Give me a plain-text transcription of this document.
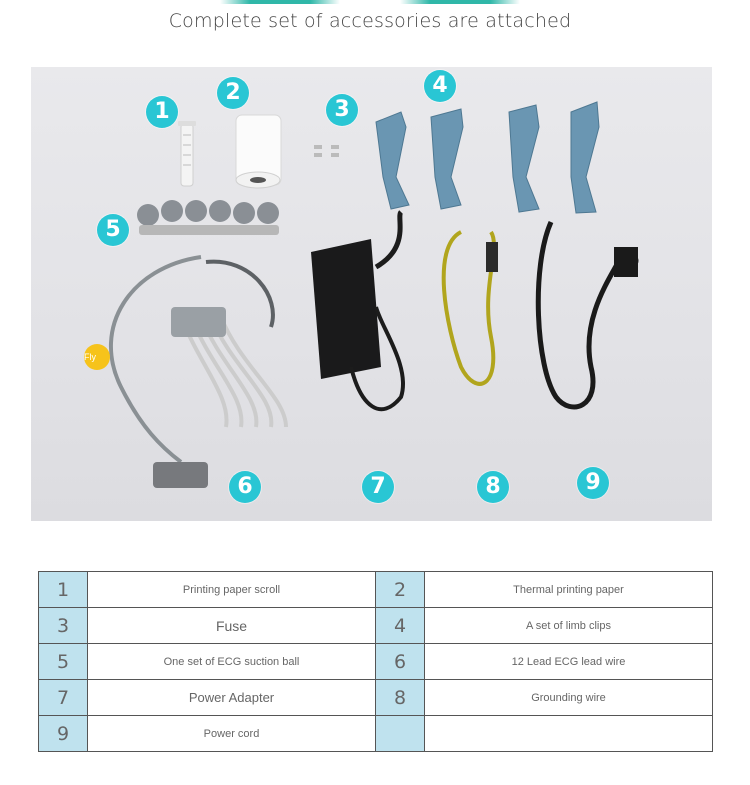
Complete set of accessories are attached
Fly
1
2
3
4
5
6	7	8	9
1	Printing paper scroll	2	Thermal printing paper
3	Fuse	4	A set of limb clips
5	One set of ECG suction ball	6	12 Lead ECG lead wire
7	Power Adapter	8	Grounding wire
9	Power cord		
